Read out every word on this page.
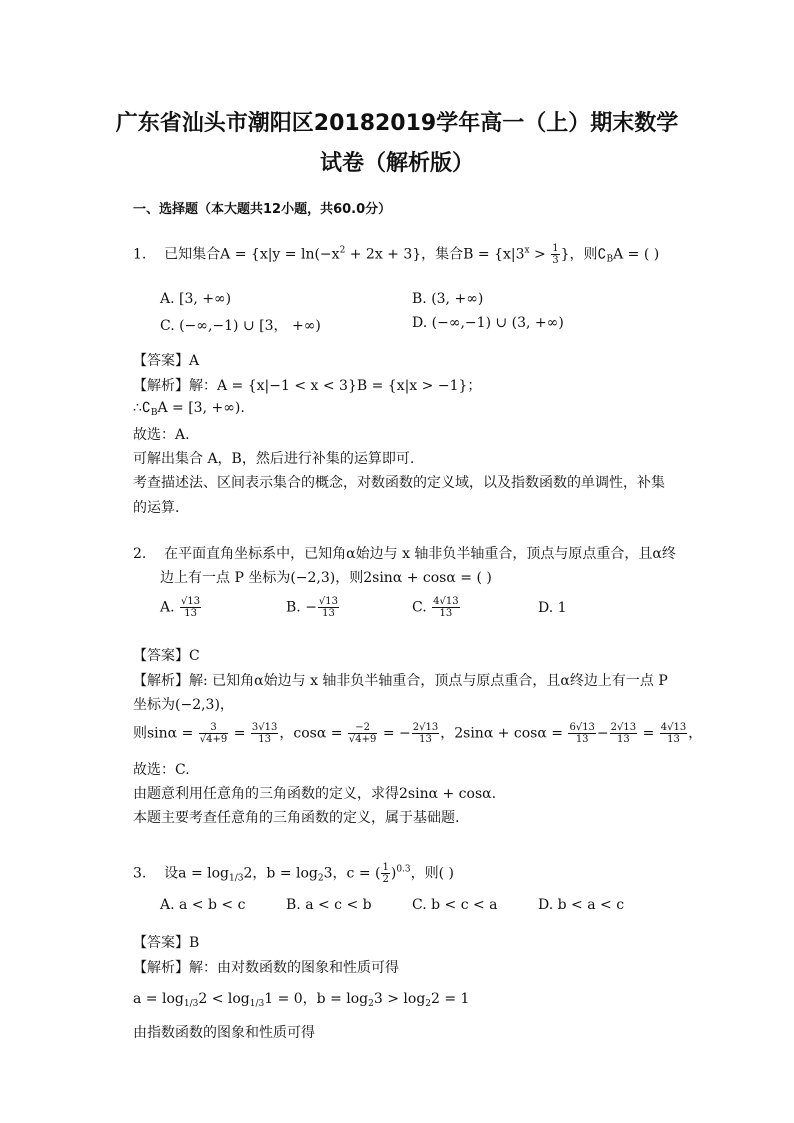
广东省汕头市潮阳区20182019学年高一（上）期末数学
试卷（解析版）
一、选择题（本大题共12小题，共60.0分）
1. 已知集合$A = \{x|y = \ln(-x^2 + 2x + 3\}$，集合$B = \{x|3^x > \frac{1}{3}$ }，则$∁_BA$ = ( )
A. [3, +∞)	B. (3, +∞)
C. (−∞,−1) ∪ [3， +∞)	D. (−∞,−1) ∪ (3, +∞)
【答案】A
【解析】解：A = {x|−1 < x < 3}B = {x|x > −1}；
$\therefore∁_BA = [3$, +∞).
故选：A.
可解出集合 A，B，然后进行补集的运算即可.
考查描述法、区间表示集合的概念，对数函数的定义域，以及指数函数的单调性，补集
的运算.
2. 在平面直角坐标系中，已知角α始边与 x 轴非负半轴重合，顶点与原点重合，且α终
边上有一点 P 坐标为(−2,3)，则2sinα + cosα = ( )
A. $\frac{√13}{13}$	B. − $\frac{√13}{13}$	C. $\frac{4√13}{13}$	D. 1
【答案】C
【解析】解: 已知角α始边与 x 轴非负半轴重合，顶点与原点重合，且α终边上有一点 P
坐标为(−2,3)，
则$\sin\alpha = \frac{3}{√4+9} = \frac{3√13}{13}$ ，$\cos\alpha = \frac{-2}{√4+9}$ = − $\frac{2√13}{13}$ ，$2\sin\alpha + \cos\alpha = \frac{6√13}{13} - \frac{2√13}{13} = \frac{4√13}{13}$ ，
故选：C.
由题意利用任意角的三角函数的定义，求得2sinα + cosα.
本题主要考查任意角的三角函数的定义，属于基础题.
3. 设$a = \log_{1/3}2$，$b = \log_23$，c = ( $\frac{1}{2} )^{0.3}$，则( )
A. a < b < c	B. a < c < b	C. b < c < a	D. b < a < c
【答案】B
【解析】解：由对数函数的图象和性质可得
$a = \log_{1/3}2 < \log_{1/3}1 = 0$，$b = \log_23 > \log_22 = 1$
由指数函数的图象和性质可得
